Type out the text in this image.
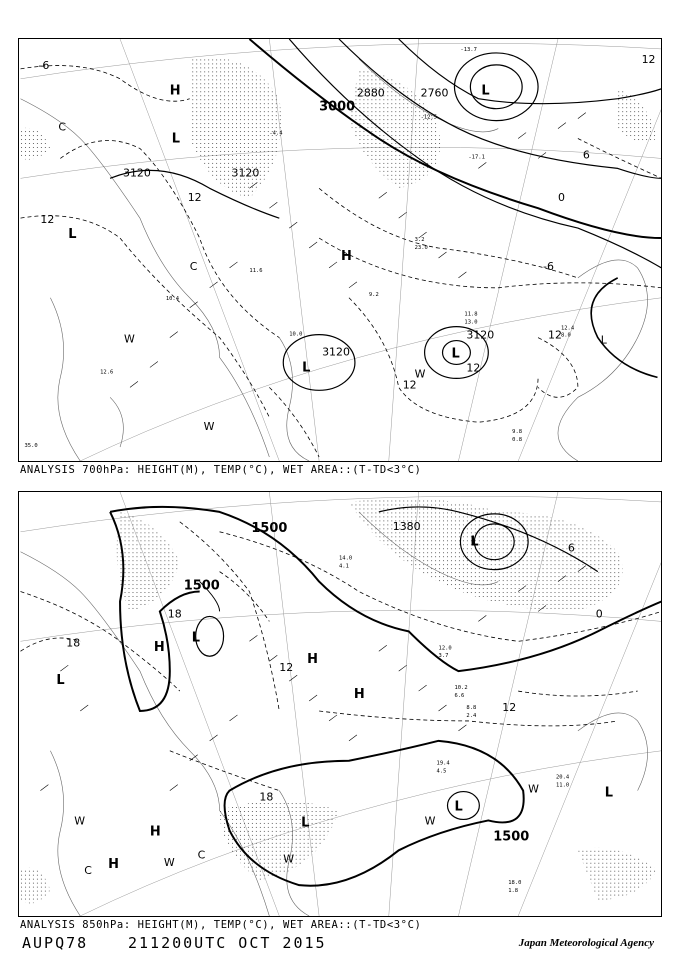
3000
2880	2760
3120	3120
3120
3120
-6
-6
0
6
12
12
12
12
12
12
H
L
C
L
H
L
L
L
W
W
W
C
L
-13.7
-12.5
-17.1
9.8
0.8
11.8
13.0
12.4
8.0
-4.4
10.4
12.6
9.2
10.0
3.2
23.0
11.6
35.0
ANALYSIS 700hPa: HEIGHT(M), TEMP(°C), WET AREA::(T-TD<3°C)
1500
1500
1500
1380
18
18
12
12
6
0
18
L
H
L
H
L
H
L
L
W
W
W	W
W
H
H
C
C
L
19.4
4.5
20.4
11.0
18.0
1.8
12.0
3.7
14.0
4.1
10.2
6.6
8.8
2.4
ANALYSIS 850hPa: HEIGHT(M), TEMP(°C), WET AREA::(T-TD<3°C)
AUPQ78	211200UTC OCT 2015	Japan Meteorological Agency
